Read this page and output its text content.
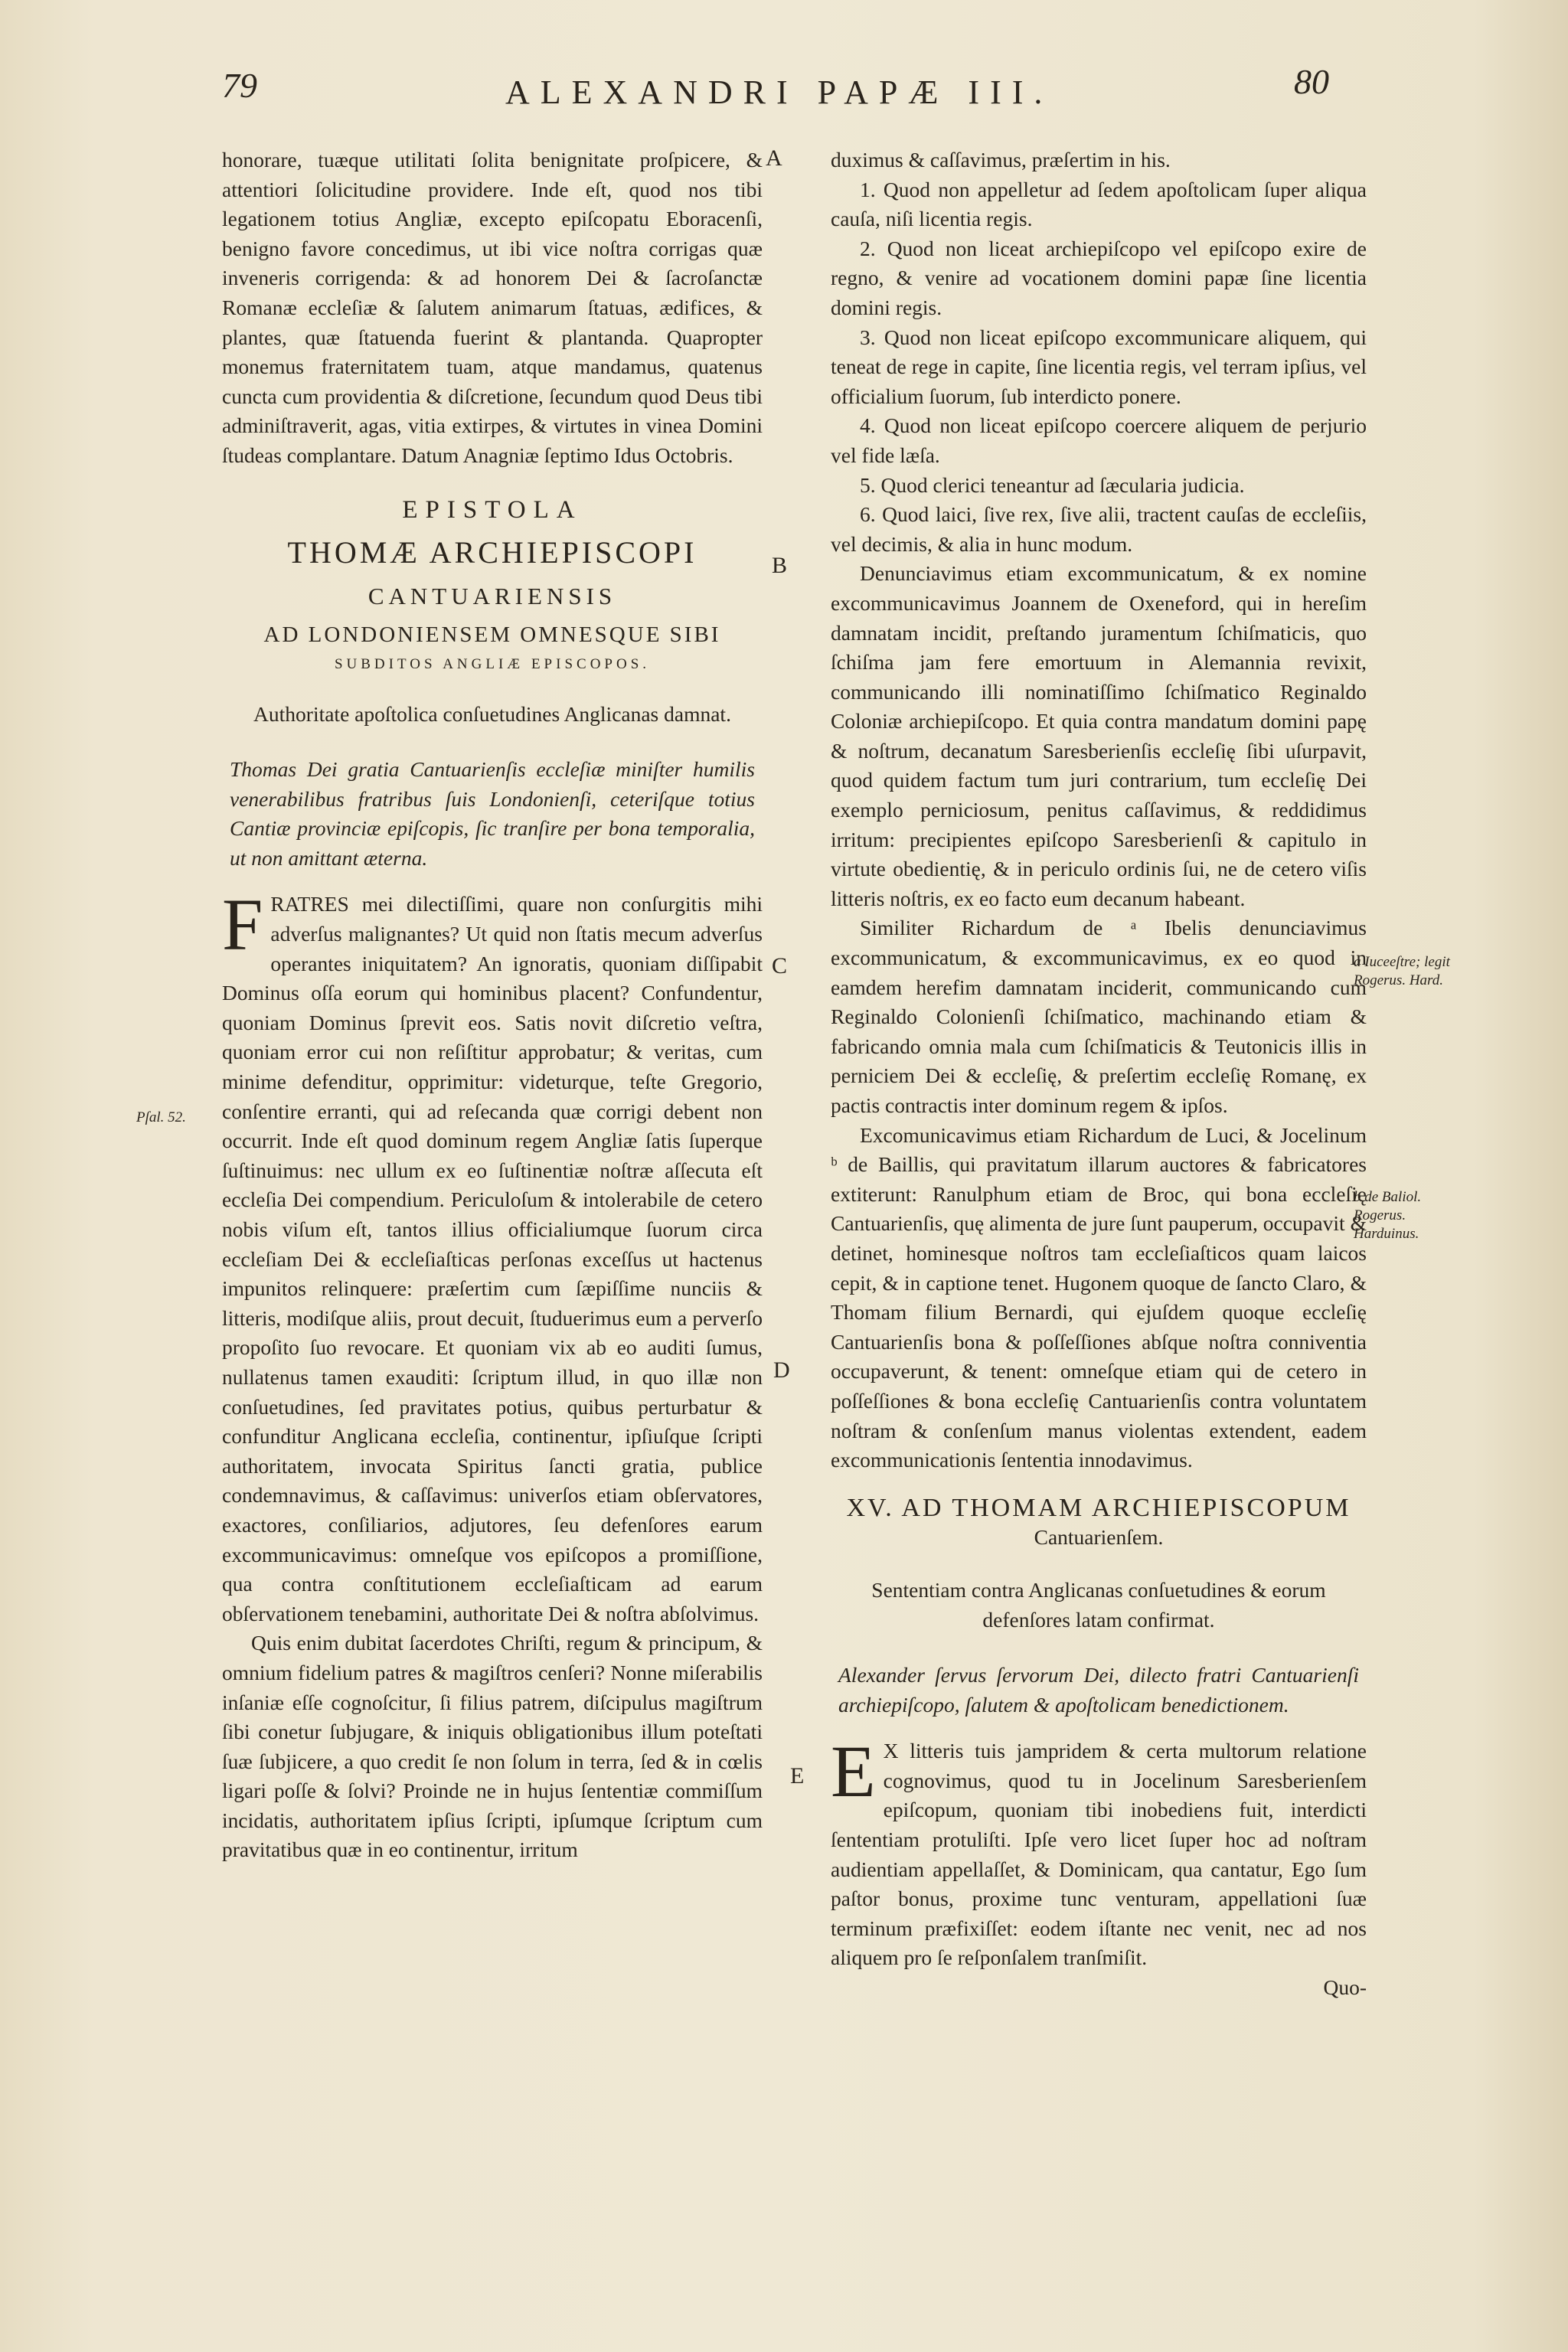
79	ALEXANDRI PAPÆ III.	80

honorare, tuæque utilitati ſolita benignitate proſpicere, & attentiori ſolicitudine providere. Inde eſt, quod nos tibi legationem totius Angliæ, excepto epiſcopatu Eboracenſi, benigno favore concedimus, ut ibi vice noſtra corrigas quæ inveneris corrigenda: & ad honorem Dei & ſacroſanctæ Romanæ eccleſiæ & ſalutem animarum ſtatuas, ædifices, & plantes, quæ ſtatuenda fuerint & plantanda. Quapropter monemus fraternitatem tuam, atque mandamus, quatenus cuncta cum providentia & diſcretione, ſecundum quod Deus tibi adminiſtraverit, agas, vitia extirpes, & virtutes in vinea Domini ſtudeas complantare. Datum Anagniæ ſeptimo Idus Octobris.

EPISTOLA
THOMÆ ARCHIEPISCOPI
CANTUARIENSIS
AD LONDONIENSEM OMNESQUE SIBI
SUBDITOS ANGLIÆ EPISCOPOS.
Authoritate apoſtolica conſuetudines Anglicanas damnat.
Thomas Dei gratia Cantuarienſis eccleſiæ miniſter humilis venerabilibus fratribus ſuis Londonienſi, ceteriſque totius Cantiæ provinciæ epiſcopis, ſic tranſire per bona temporalia, ut non amittant æterna.

FRATRES mei dilectiſſimi, quare non conſurgitis mihi adverſus malignantes? Ut quid non ſtatis mecum adverſus operantes iniquitatem? An ignoratis, quoniam diſſipabit Dominus oſſa eorum qui hominibus placent? Confundentur, quoniam Dominus ſprevit eos. Satis novit diſcretio veſtra, quoniam error cui non reſiſtitur approbatur; & veritas, cum minime defenditur, opprimitur: videturque, teſte Gregorio, conſentire erranti, qui ad reſecanda quæ corrigi debent non occurrit. Inde eſt quod dominum regem Angliæ ſatis ſuperque ſuſtinuimus: nec ullum ex eo ſuſtinentiæ noſtræ aſſecuta eſt eccleſia Dei compendium. Periculoſum & intolerabile de cetero nobis viſum eſt, tantos illius officialiumque ſuorum circa eccleſiam Dei & eccleſiaſticas perſonas exceſſus ut hactenus impunitos relinquere: præſertim cum ſæpiſſime nunciis & litteris, modiſque aliis, prout decuit, ſtuduerimus eum a perverſo propoſito ſuo revocare. Et quoniam vix ab eo auditi ſumus, nullatenus tamen exauditi: ſcriptum illud, in quo illæ non conſuetudines, ſed pravitates potius, quibus perturbatur & confunditur Anglicana eccleſia, continentur, ipſiuſque ſcripti authoritatem, invocata Spiritus ſancti gratia, publice condemnavimus, & caſſavimus: univerſos etiam obſervatores, exactores, conſiliarios, adjutores, ſeu defenſores earum excommunicavimus: omneſque vos epiſcopos a promiſſione, qua contra conſtitutionem eccleſiaſticam ad earum obſervationem tenebamini, authoritate Dei & noſtra abſolvimus.

Quis enim dubitat ſacerdotes Chriſti, regum & principum, & omnium fidelium patres & magiſtros cenſeri? Nonne miſerabilis inſaniæ eſſe cognoſcitur, ſi filius patrem, diſcipulus magiſtrum ſibi conetur ſubjugare, & iniquis obligationibus illum poteſtati ſuæ ſubjicere, a quo credit ſe non ſolum in terra, ſed & in cœlis ligari poſſe & ſolvi? Proinde ne in hujus ſententiæ commiſſum incidatis, authoritatem ipſius ſcripti, ipſumque ſcriptum cum pravitatibus quæ in eo continentur, irritum

A
B
C
D
E

duximus & caſſavimus, præſertim in his.

1. Quod non appelletur ad ſedem apoſtolicam ſuper aliqua cauſa, niſi licentia regis.

2. Quod non liceat archiepiſcopo vel epiſcopo exire de regno, & venire ad vocationem domini papæ ſine licentia domini regis.

3. Quod non liceat epiſcopo excommunicare aliquem, qui teneat de rege in capite, ſine licentia regis, vel terram ipſius, vel officialium ſuorum, ſub interdicto ponere.

4. Quod non liceat epiſcopo coercere aliquem de perjurio vel fide læſa.

5. Quod clerici teneantur ad ſæcularia judicia.

6. Quod laici, ſive rex, ſive alii, tractent cauſas de eccleſiis, vel decimis, & alia in hunc modum.

Denunciavimus etiam excommunicatum, & ex nomine excommunicavimus Joannem de Oxeneford, qui in hereſim damnatam incidit, preſtando juramentum ſchiſmaticis, quo ſchiſma jam fere emortuum in Alemannia revixit, communicando illi nominatiſſimo ſchiſmatico Reginaldo Coloniæ archiepiſcopo. Et quia contra mandatum domini papę & noſtrum, decanatum Saresberienſis eccleſię ſibi uſurpavit, quod quidem factum tum juri contrarium, tum eccleſię Dei exemplo perniciosum, penitus caſſavimus, & reddidimus irritum: precipientes epiſcopo Saresberienſi & capitulo in virtute obedientię, & in periculo ordinis ſui, ne de cetero viſis litteris noſtris, ex eo facto eum decanum habeant.

Similiter Richardum de ᵃ Ibelis denunciavimus excommunicatum, & excommunicavimus, ex eo quod in eamdem herefim damnatam inciderit, communicando cum Reginaldo Colonienſi ſchiſmatico, machinando etiam & fabricando omnia mala cum ſchiſmaticis & Teutonicis illis in perniciem Dei & eccleſię, & preſertim eccleſię Romanę, ex pactis contractis inter dominum regem & ipſos.

Excomunicavimus etiam Richardum de Luci, & Jocelinum ᵇ de Baillis, qui pravitatum illarum auctores & fabricatores extiterunt: Ranulphum etiam de Broc, qui bona eccleſię Cantuarienſis, quę alimenta de jure ſunt pauperum, occupavit & detinet, hominesque noſtros tam eccleſiaſticos quam laicos cepit, & in captione tenet. Hugonem quoque de ſancto Claro, & Thomam filium Bernardi, qui ejuſdem quoque eccleſię Cantuarienſis bona & poſſeſſiones abſque noſtra conniventia occupaverunt, & tenent: omneſque etiam qui de cetero in poſſeſſiones & bona eccleſię Cantuarienſis contra voluntatem noſtram & conſenſum manus violentas extendent, eadem excommunicationis ſententia innodavimus.

XV. AD THOMAM ARCHIEPISCOPUM
Cantuarienſem.
Sententiam contra Anglicanas conſuetudines & eorum defenſores latam confirmat.
Alexander ſervus ſervorum Dei, dilecto fratri Cantuarienſi archiepiſcopo, ſalutem & apoſtolicam benedictionem.

E X litteris tuis jampridem & certa multorum relatione cognovimus, quod tu in Jocelinum Saresberienſem epiſcopum, quoniam tibi inobediens fuit, interdicti ſententiam protuliſti. Ipſe vero licet ſuper hoc ad noſtram audientiam appellaſſet, & Dominicam, qua cantatur, Ego ſum paſtor bonus, proxime tunc venturam, appellationi ſuæ terminum præfixiſſet: eodem iſtante nec venit, nec ad nos aliquem pro ſe reſponſalem tranſmiſit.

Quo-
Pſal. 52.
a Iuceeſtre; legit Rogerus. Hard.
b de Baliol. Rogerus. Harduinus.
